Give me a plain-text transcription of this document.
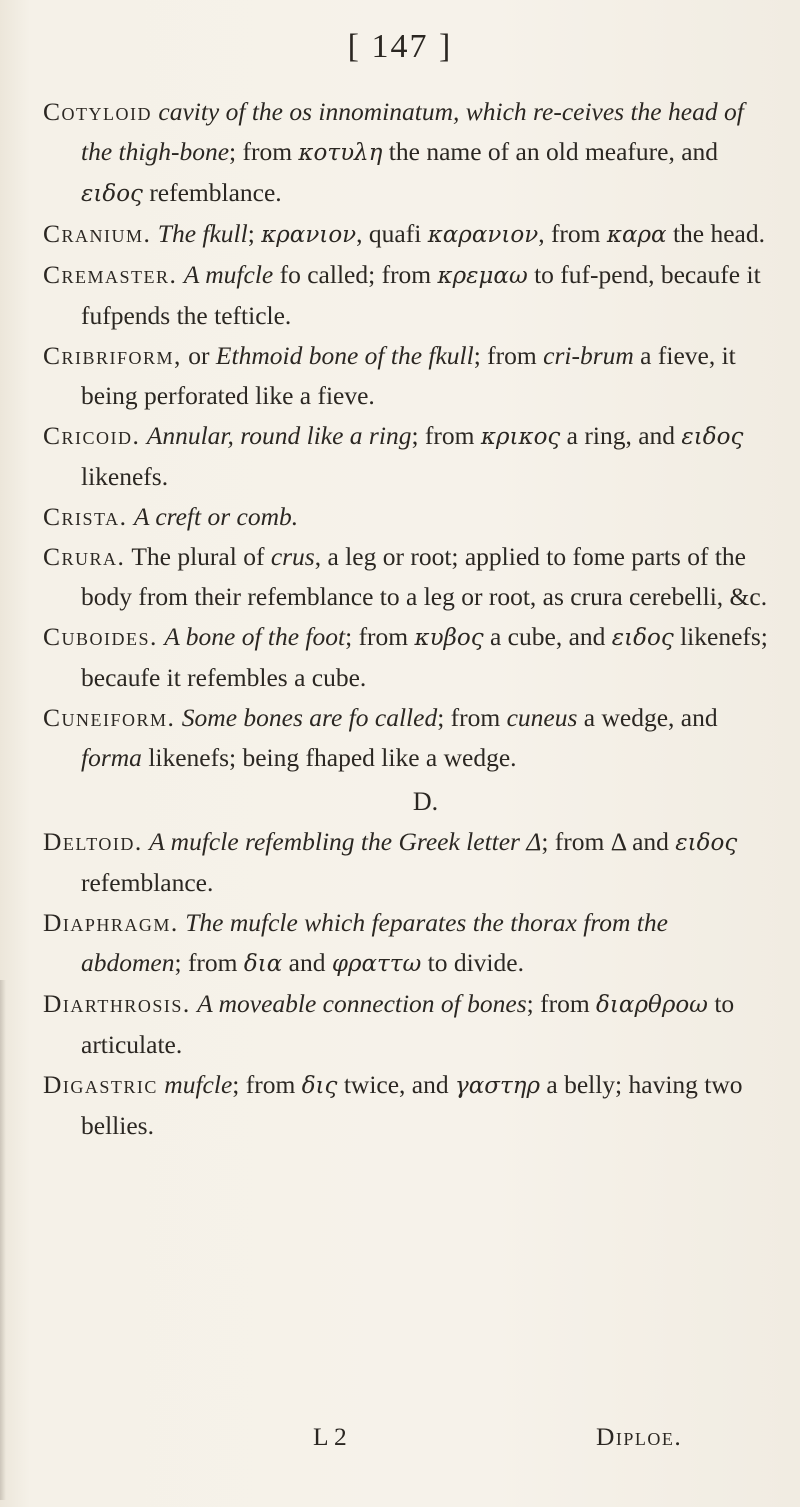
[ 147 ]

Cotyloid cavity of the os innominatum, which re‐ceives the head of the thigh-bone; from κοτυλη the name of an old meafure, and ειδος refemblance.

Cranium. The fkull; κρανιον, quafi καρανιον, from καρα the head.

Cremaster. A mufcle fo called; from κρεμαω to fuf‐pend, becaufe it fufpends the tefticle.

Cribriform, or Ethmoid bone of the fkull; from cri‐brum a fieve, it being perforated like a fieve.

Cricoid. Annular, round like a ring; from κρικος a ring, and ειδος likenefs.

Crista. A creft or comb.

Crura. The plural of crus, a leg or root; applied to fome parts of the body from their refemblance to a leg or root, as crura cerebelli, &c.

Cuboides. A bone of the foot; from κυβος a cube, and ειδος likenefs; becaufe it refembles a cube.

Cuneiform. Some bones are fo called; from cuneus a wedge, and forma likenefs; being fhaped like a wedge.

D.

Deltoid. A mufcle refembling the Greek letter Δ; from Δ and ειδος refemblance.

Diaphragm. The mufcle which feparates the thorax from the abdomen; from δια and φραττω to divide.

Diarthrosis. A moveable connection of bones; from διαρθροω to articulate.

Digastric mufcle; from δις twice, and γαστηρ a belly; having two bellies.

L 2	Diploe.
